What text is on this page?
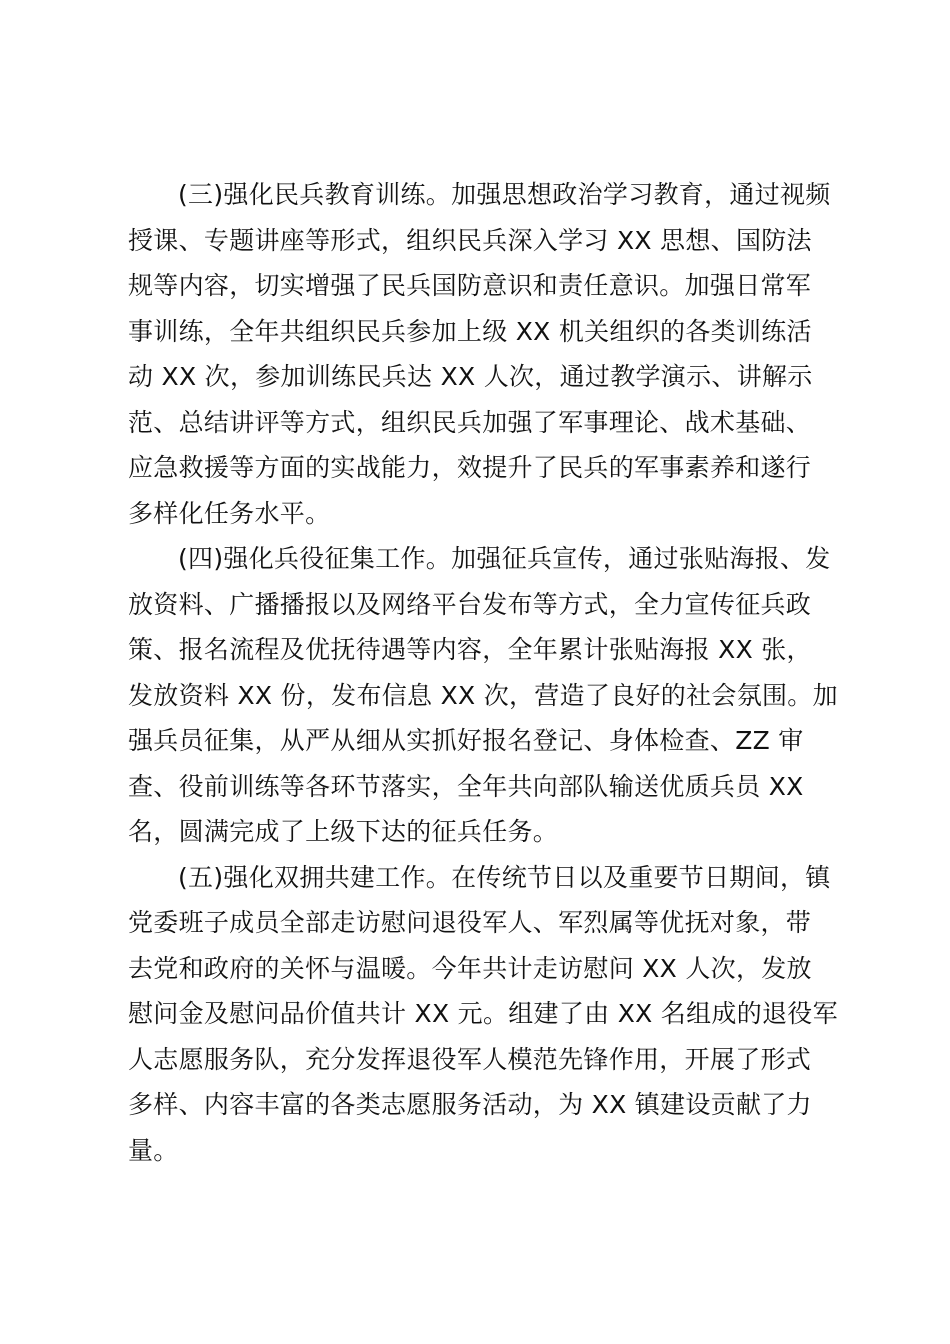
(三)强化民兵教育训练。加强思想政治学习教育，通过视频
授课、专题讲座等形式，组织民兵深入学习 XX 思想、国防法
规等内容，切实增强了民兵国防意识和责任意识。加强日常军
事训练，全年共组织民兵参加上级 XX 机关组织的各类训练活
动 XX 次，参加训练民兵达 XX 人次，通过教学演示、讲解示
范、总结讲评等方式，组织民兵加强了军事理论、战术基础、
应急救援等方面的实战能力，效提升了民兵的军事素养和遂行
多样化任务水平。

(四)强化兵役征集工作。加强征兵宣传，通过张贴海报、发
放资料、广播播报以及网络平台发布等方式，全力宣传征兵政
策、报名流程及优抚待遇等内容，全年累计张贴海报 XX 张，
发放资料 XX 份，发布信息 XX 次，营造了良好的社会氛围。加
强兵员征集，从严从细从实抓好报名登记、身体检查、ZZ 审
查、役前训练等各环节落实，全年共向部队输送优质兵员 XX
名，圆满完成了上级下达的征兵任务。

(五)强化双拥共建工作。在传统节日以及重要节日期间，镇
党委班子成员全部走访慰问退役军人、军烈属等优抚对象，带
去党和政府的关怀与温暖。今年共计走访慰问 XX 人次，发放
慰问金及慰问品价值共计 XX 元。组建了由 XX 名组成的退役军
人志愿服务队，充分发挥退役军人模范先锋作用，开展了形式
多样、内容丰富的各类志愿服务活动，为 XX 镇建设贡献了力
量。
